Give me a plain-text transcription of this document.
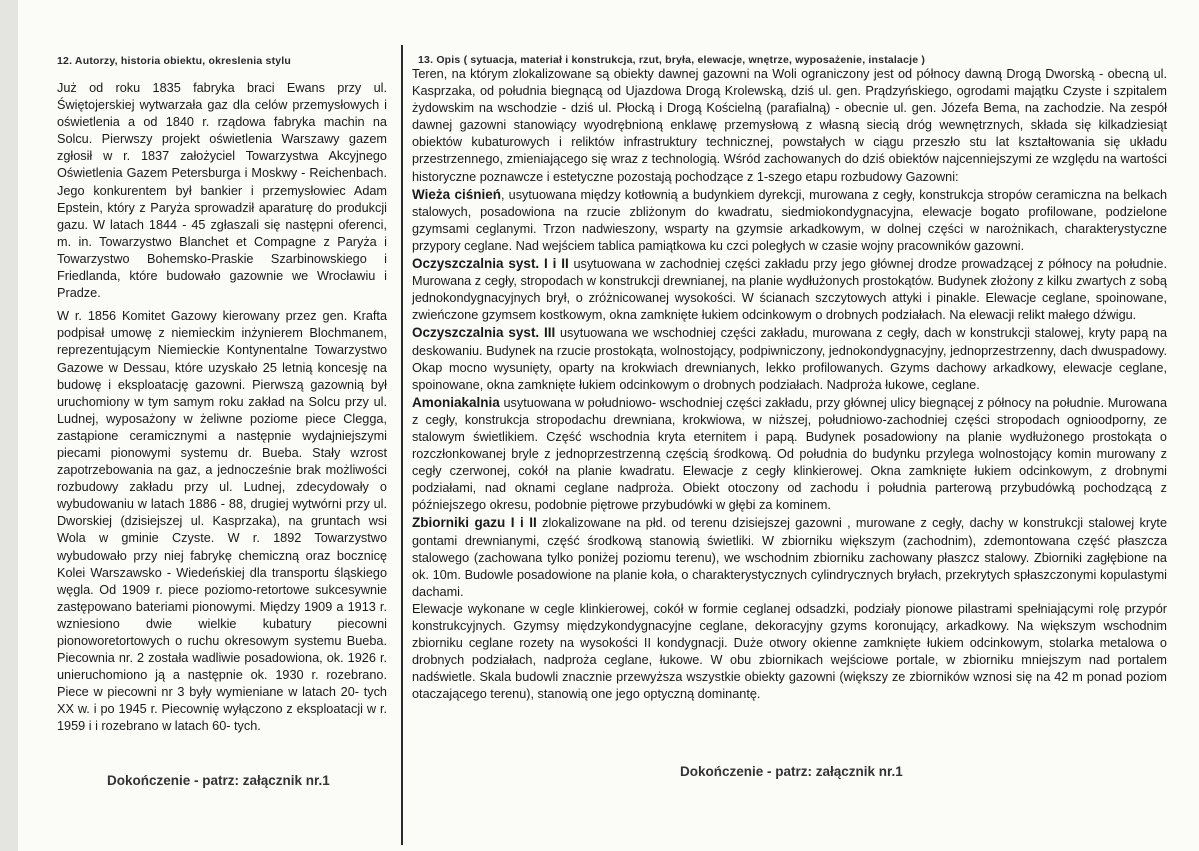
12. Autorzy, historia obiektu, okreslenia stylu	13. Opis ( sytuacja, materiał i konstrukcja, rzut, bryła, elewacje, wnętrze, wyposażenie, instalacje )

Już od roku 1835 fabryka braci Ewans przy ul. Świętojerskiej wytwarzała gaz dla celów przemysłowych i oświetlenia a od 1840 r. rządowa fabryka machin na Solcu. Pierwszy projekt oświetlenia Warszawy gazem zgłosił w r. 1837 założyciel Towarzystwa Akcyjnego Oświetlenia Gazem Petersburga i Moskwy - Reichenbach. Jego konkurentem był bankier i przemysłowiec Adam Epstein, który z Paryża sprowadził aparaturę do produkcji gazu. W latach 1844 - 45 zgłaszali się następni oferenci, m. in. Towarzystwo Blanchet et Compagne z Paryża i Towarzystwo Bohemsko-Praskie Szarbinowskiego i Friedlanda, które budowało gazownie we Wrocławiu i Pradze.

W r. 1856 Komitet Gazowy kierowany przez gen. Krafta podpisał umowę z niemieckim inżynierem Blochmanem, reprezentującym Niemieckie Kontynentalne Towarzystwo Gazowe w Dessau, które uzyskało 25 letnią koncesję na budowę i eksploatację gazowni. Pierwszą gazownią był uruchomiony w tym samym roku zakład na Solcu przy ul. Ludnej, wyposażony w żeliwne poziome piece Clegga, zastąpione ceramicznymi a następnie wydajniejszymi piecami pionowymi systemu dr. Bueba. Stały wzrost zapotrzebowania na gaz, a jednocześnie brak możliwości rozbudowy zakładu przy ul. Ludnej, zdecydowały o wybudowaniu w latach 1886 - 88, drugiej wytwórni przy ul. Dworskiej (dzisiejszej ul. Kasprzaka), na gruntach wsi Wola w gminie Czyste. W r. 1892 Towarzystwo wybudowało przy niej fabrykę chemiczną oraz bocznicę Kolei Warszawsko - Wiedeńskiej dla transportu śląskiego węgla. Od 1909 r. piece poziomo-retortowe sukcesywnie zastępowano bateriami pionowymi. Między 1909 a 1913 r. wzniesiono dwie wielkie kubatury piecowni pionoworetortowych o ruchu okresowym systemu Bueba. Piecownia nr. 2 została wadliwie posadowiona, ok. 1926 r. unieruchomiono ją a następnie ok. 1930 r. rozebrano. Piece w piecowni nr 3 były wymieniane w latach 20- tych XX w. i po 1945 r. Piecownię wyłączono z eksploatacji w r. 1959 i i rozebrano w latach 60- tych.

Dokończenie - patrz: załącznik nr.1

Teren, na którym zlokalizowane są obiekty dawnej gazowni na Woli ograniczony jest od północy dawną Drogą Dworską - obecną ul. Kasprzaka, od południa biegnącą od Ujazdowa Drogą Krolewską, dziś ul. gen. Prądzyńskiego, ogrodami majątku Czyste i szpitalem żydowskim na wschodzie - dziś ul. Płocką i Drogą Kościelną (parafialną) - obecnie ul. gen. Józefa Bema, na zachodzie. Na zespół dawnej gazowni stanowiący wyodrębnioną enklawę przemysłową z własną siecią dróg wewnętrznych, składa się kilkadziesiąt obiektów kubaturowych i reliktów infrastruktury technicznej, powstałych w ciągu przeszło stu lat kształtowania się układu przestrzennego, zmieniającego się wraz z technologią. Wśród zachowanych do dziś obiektów najcenniejszymi ze względu na wartości historyczne poznawcze i estetyczne pozostają pochodzące z 1-szego etapu rozbudowy Gazowni:

Wieża ciśnień, usytuowana między kotłownią a budynkiem dyrekcji, murowana z cegły, konstrukcja stropów ceramiczna na belkach stalowych, posadowiona na rzucie zbliżonym do kwadratu, siedmiokondygnacyjna, elewacje bogato profilowane, podzielone gzymsami ceglanymi. Trzon nadwieszony, wsparty na gzymsie arkadkowym, w dolnej części w narożnikach, charakterystyczne przypory ceglane. Nad wejściem tablica pamiątkowa ku czci poległych w czasie wojny pracowników gazowni.

Oczyszczalnia syst. I i II usytuowana w zachodniej części zakładu przy jego głównej drodze prowadzącej z północy na południe. Murowana z cegły, stropodach w konstrukcji drewnianej, na planie wydłużonych prostokątów. Budynek złożony z kilku zwartych z sobą jednokondygnacyjnych brył, o zróżnicowanej wysokości. W ścianach szczytowych attyki i pinakle. Elewacje ceglane, spoinowane, zwieńczone gzymsem kostkowym, okna zamknięte łukiem odcinkowym o drobnych podziałach. Na elewacji relikt małego dźwigu.

Oczyszczalnia syst. III usytuowana we wschodniej części zakładu, murowana z cegły, dach w konstrukcji stalowej, kryty papą na deskowaniu. Budynek na rzucie prostokąta, wolnostojący, podpiwniczony, jednokondygnacyjny, jednoprzestrzenny, dach dwuspadowy. Okap mocno wysunięty, oparty na krokwiach drewnianych, lekko profilowanych. Gzyms dachowy arkadkowy, elewacje ceglane, spoinowane, okna zamknięte łukiem odcinkowym o drobnych podziałach. Nadproża łukowe, ceglane.

Amoniakalnia usytuowana w południowo- wschodniej części zakładu, przy głównej ulicy biegnącej z północy na południe. Murowana z cegły, konstrukcja stropodachu drewniana, krokwiowa, w niższej, południowo-zachodniej części stropodach ognioodporny, ze stalowym świetlikiem. Część wschodnia kryta eternitem i papą. Budynek posadowiony na planie wydłużonego prostokąta o rozczłonkowanej bryle z jednoprzestrzenną częścią środkową. Od południa do budynku przylega wolnostojący komin murowany z cegły czerwonej, cokół na planie kwadratu. Elewacje z cegły klinkierowej. Okna zamknięte łukiem odcinkowym, z drobnymi podziałami, nad oknami ceglane nadproża. Obiekt otoczony od zachodu i południa parterową przybudówką pochodzącą z późniejszego okresu, podobnie piętrowe przybudówki w głębi za kominem.

Zbiorniki gazu I i II zlokalizowane na płd. od terenu dzisiejszej gazowni , murowane z cegły, dachy w konstrukcji stalowej kryte gontami drewnianymi, część środkową stanowią świetliki. W zbiorniku większym (zachodnim), zdemontowana część płaszcza stalowego (zachowana tylko poniżej poziomu terenu), we wschodnim zbiorniku zachowany płaszcz stalowy. Zbiorniki zagłębione na ok. 10m. Budowle posadowione na planie koła, o charakterystycznych cylindrycznych bryłach, przekrytych spłaszczonymi kopulastymi dachami.

Elewacje wykonane w cegle klinkierowej, cokół w formie ceglanej odsadzki, podziały pionowe pilastrami spełniającymi rolę przypór konstrukcyjnych. Gzymsy międzykondygnacyjne ceglane, dekoracyjny gzyms koronujący, arkadkowy. Na większym wschodnim zbiorniku ceglane rozety na wysokości II kondygnacji. Duże otwory okienne zamknięte łukiem odcinkowym, stolarka metalowa o drobnych podziałach, nadproża ceglane, łukowe. W obu zbiornikach wejściowe portale, w zbiorniku mniejszym nad portalem nadświetle. Skala budowli znacznie przewyższa wszystkie obiekty gazowni (większy ze zbiorników wznosi się na 42 m ponad poziom otaczającego terenu), stanowią one jego optyczną dominantę.

Dokończenie - patrz: załącznik nr.1
